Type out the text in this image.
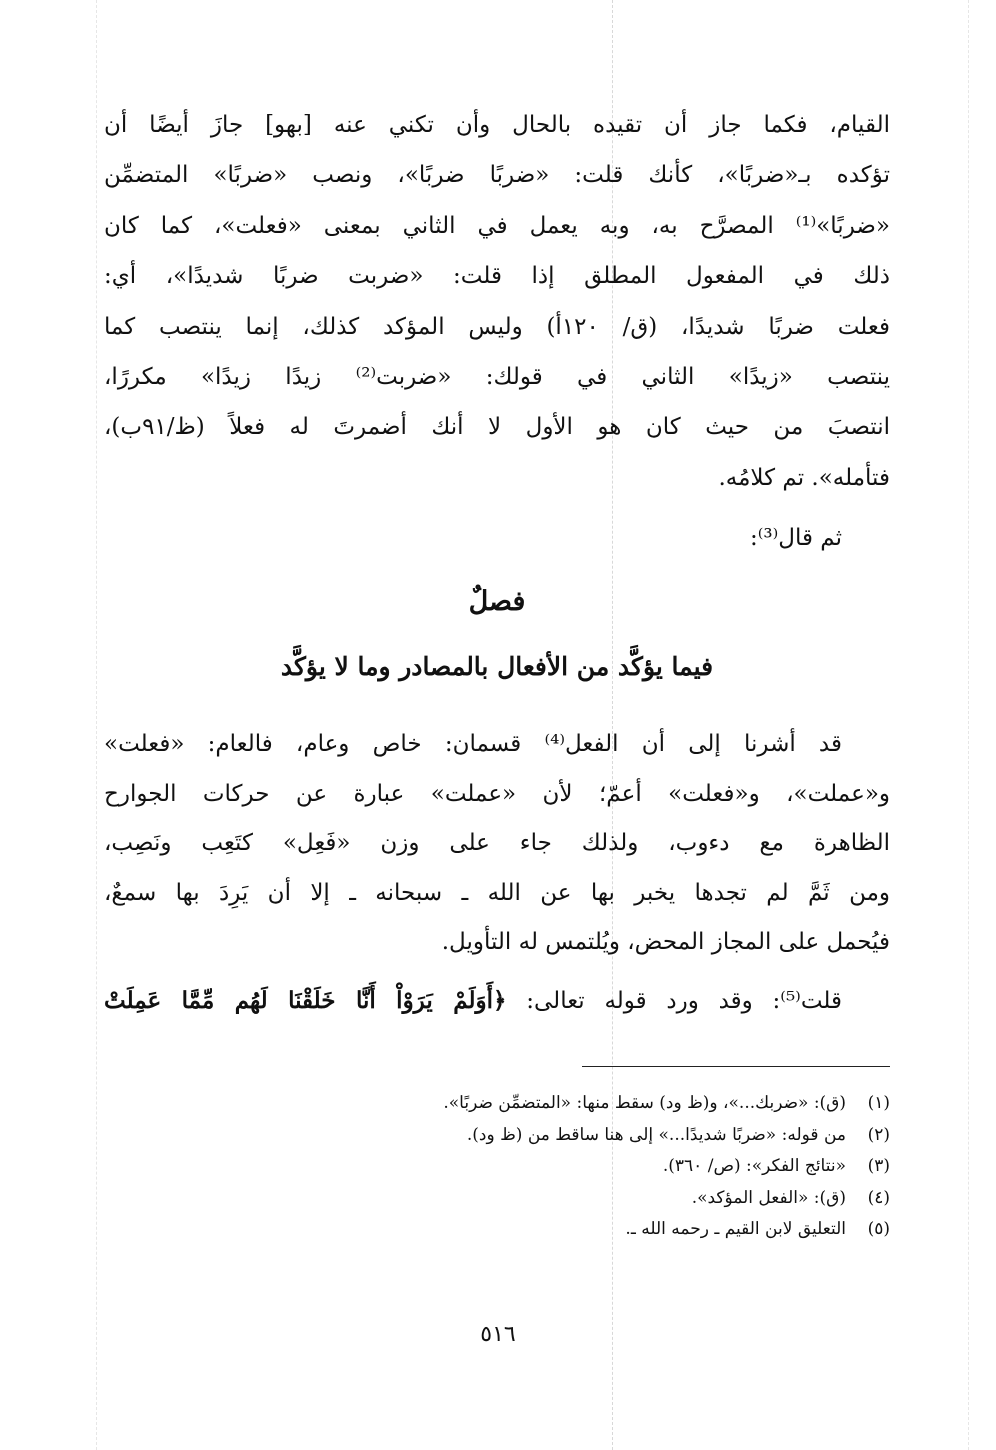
القيام، فكما جاز أن تقيده بالحال وأن تكني عنه [بهو] جازَ أيضًا أن
تؤكده بـ«ضربًا»، كأنك قلت: «ضربًا ضربًا»، ونصب «ضربًا» المتضمِّن
«ضربًا»⁽¹⁾ المصرَّح به، وبه يعمل في الثاني بمعنى «فعلت»، كما كان
ذلك في المفعول المطلق إذا قلت: «ضربت ضربًا شديدًا»، أي:
فعلت ضربًا شديدًا، (ق/ ١٢٠أ) وليس المؤكد كذلك، إنما ينتصب كما
ينتصب «زيدًا» الثاني في قولك: «ضربت⁽²⁾ زيدًا زيدًا» مكررًا،
انتصبَ من حيث كان هو الأول لا أنك أضمرتَ له فعلاً (ظ/٩١ب)،
فتأمله». تم كلامُه.

ثم قال⁽³⁾:

فصلٌ
فيما يؤكَّد من الأفعال بالمصادر وما لا يؤكَّد

قد أشرنا إلى أن الفعل⁽⁴⁾ قسمان: خاص وعام، فالعام: «فعلت»
و«عملت»، و«فعلت» أعمّ؛ لأن «عملت» عبارة عن حركات الجوارح
الظاهرة مع دءوب، ولذلك جاء على وزن «فَعِل» كتَعِب ونَصِب،
ومن ثَمَّ لم تجدها يخبر بها عن الله ـ سبحانه ـ إلا أن يَرِدَ بها سمعٌ،
فيُحمل على المجاز المحض، ويُلتمس له التأويل.

قلت⁽⁵⁾: وقد ورد قوله تعالى: ﴿أَوَلَمْ يَرَوْاْ أَنَّا خَلَقْنَا لَهُم مِّمَّا عَمِلَتْ
(١)(ق): «ضربك...»، و(ظ ود) سقط منها: «المتضمِّن ضربًا».
(٢)من قوله: «ضربًا شديدًا...» إلى هنا ساقط من (ظ ود).
(٣)«نتائج الفكر»: (ص/ ٣٦٠).
(٤)(ق): «الفعل المؤكد».
(٥)التعليق لابن القيم ـ رحمه الله ـ.
٥١٦
